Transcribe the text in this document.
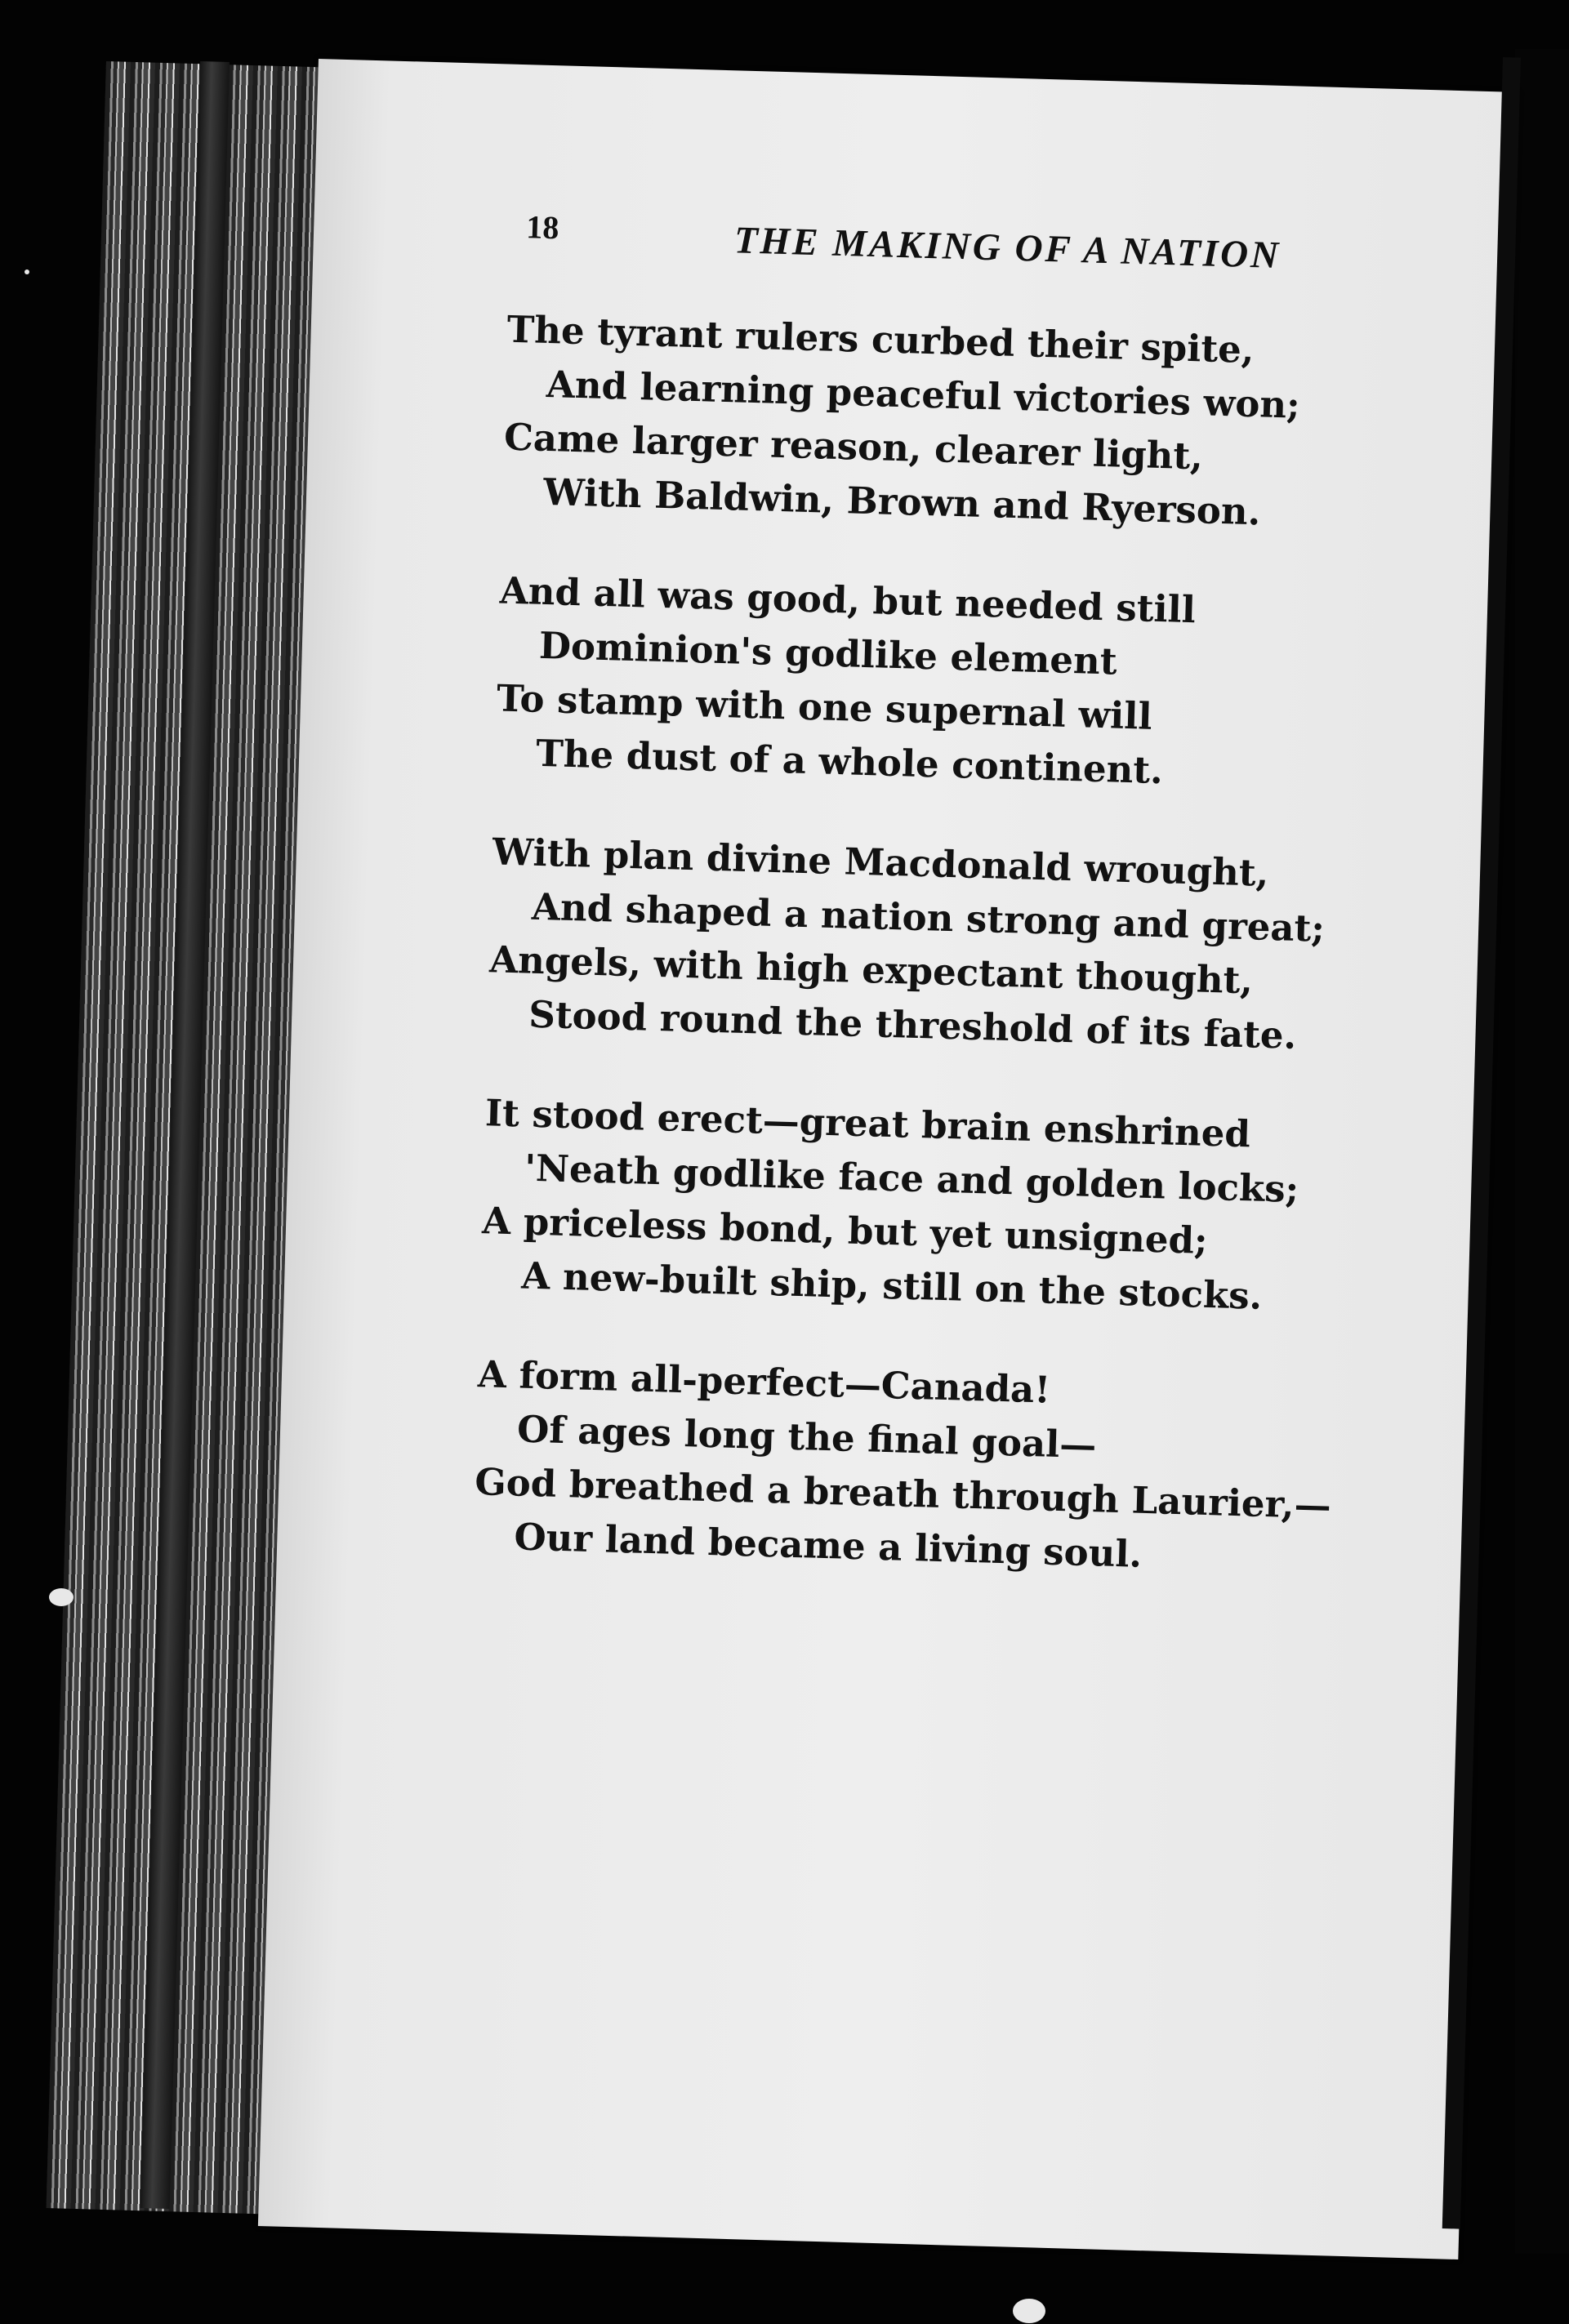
18	THE MAKING OF A NATION
The tyrant rulers curbed their spite,
And learning peaceful victories won;
Came larger reason, clearer light,
With Baldwin, Brown and Ryerson.
And all was good, but needed still
Dominion's godlike element
To stamp with one supernal will
The dust of a whole continent.
With plan divine Macdonald wrought,
And shaped a nation strong and great;
Angels, with high expectant thought,
Stood round the threshold of its fate.
It stood erect—great brain enshrined
'Neath godlike face and golden locks;
A priceless bond, but yet unsigned;
A new-built ship, still on the stocks.
A form all-perfect—Canada!
Of ages long the final goal—
God breathed a breath through Laurier,—
Our land became a living soul.
